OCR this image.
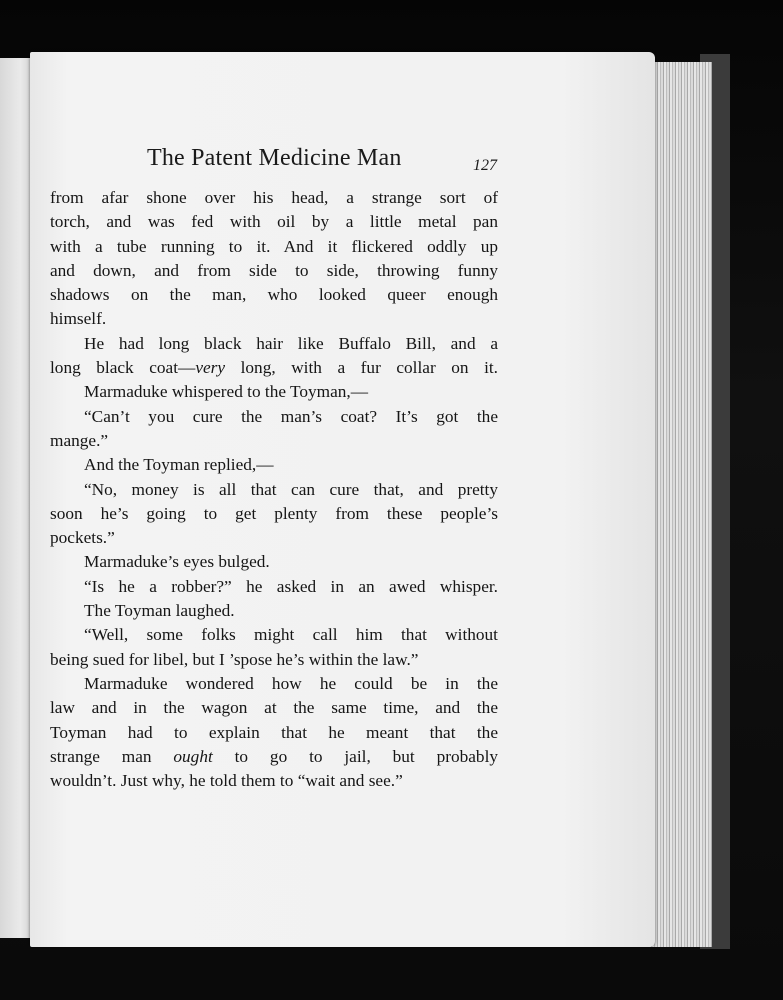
The Patent Medicine Man	127
from afar shone over his head, a strange sort of
torch, and was fed with oil by a little metal pan
with a tube running to it. And it flickered oddly up
and down, and from side to side, throwing funny
shadows on the man, who looked queer enough
himself.
He had long black hair like Buffalo Bill, and a
long black coat—very long, with a fur collar on it.
Marmaduke whispered to the Toyman,—
“Can’t you cure the man’s coat? It’s got the
mange.”
And the Toyman replied,—
“No, money is all that can cure that, and pretty
soon he’s going to get plenty from these people’s
pockets.”
Marmaduke’s eyes bulged.
“Is he a robber?” he asked in an awed whisper.
The Toyman laughed.
“Well, some folks might call him that without
being sued for libel, but I ’spose he’s within the law.”
Marmaduke wondered how he could be in the
law and in the wagon at the same time, and the
Toyman had to explain that he meant that the
strange man ought to go to jail, but probably
wouldn’t. Just why, he told them to “wait and see.”
